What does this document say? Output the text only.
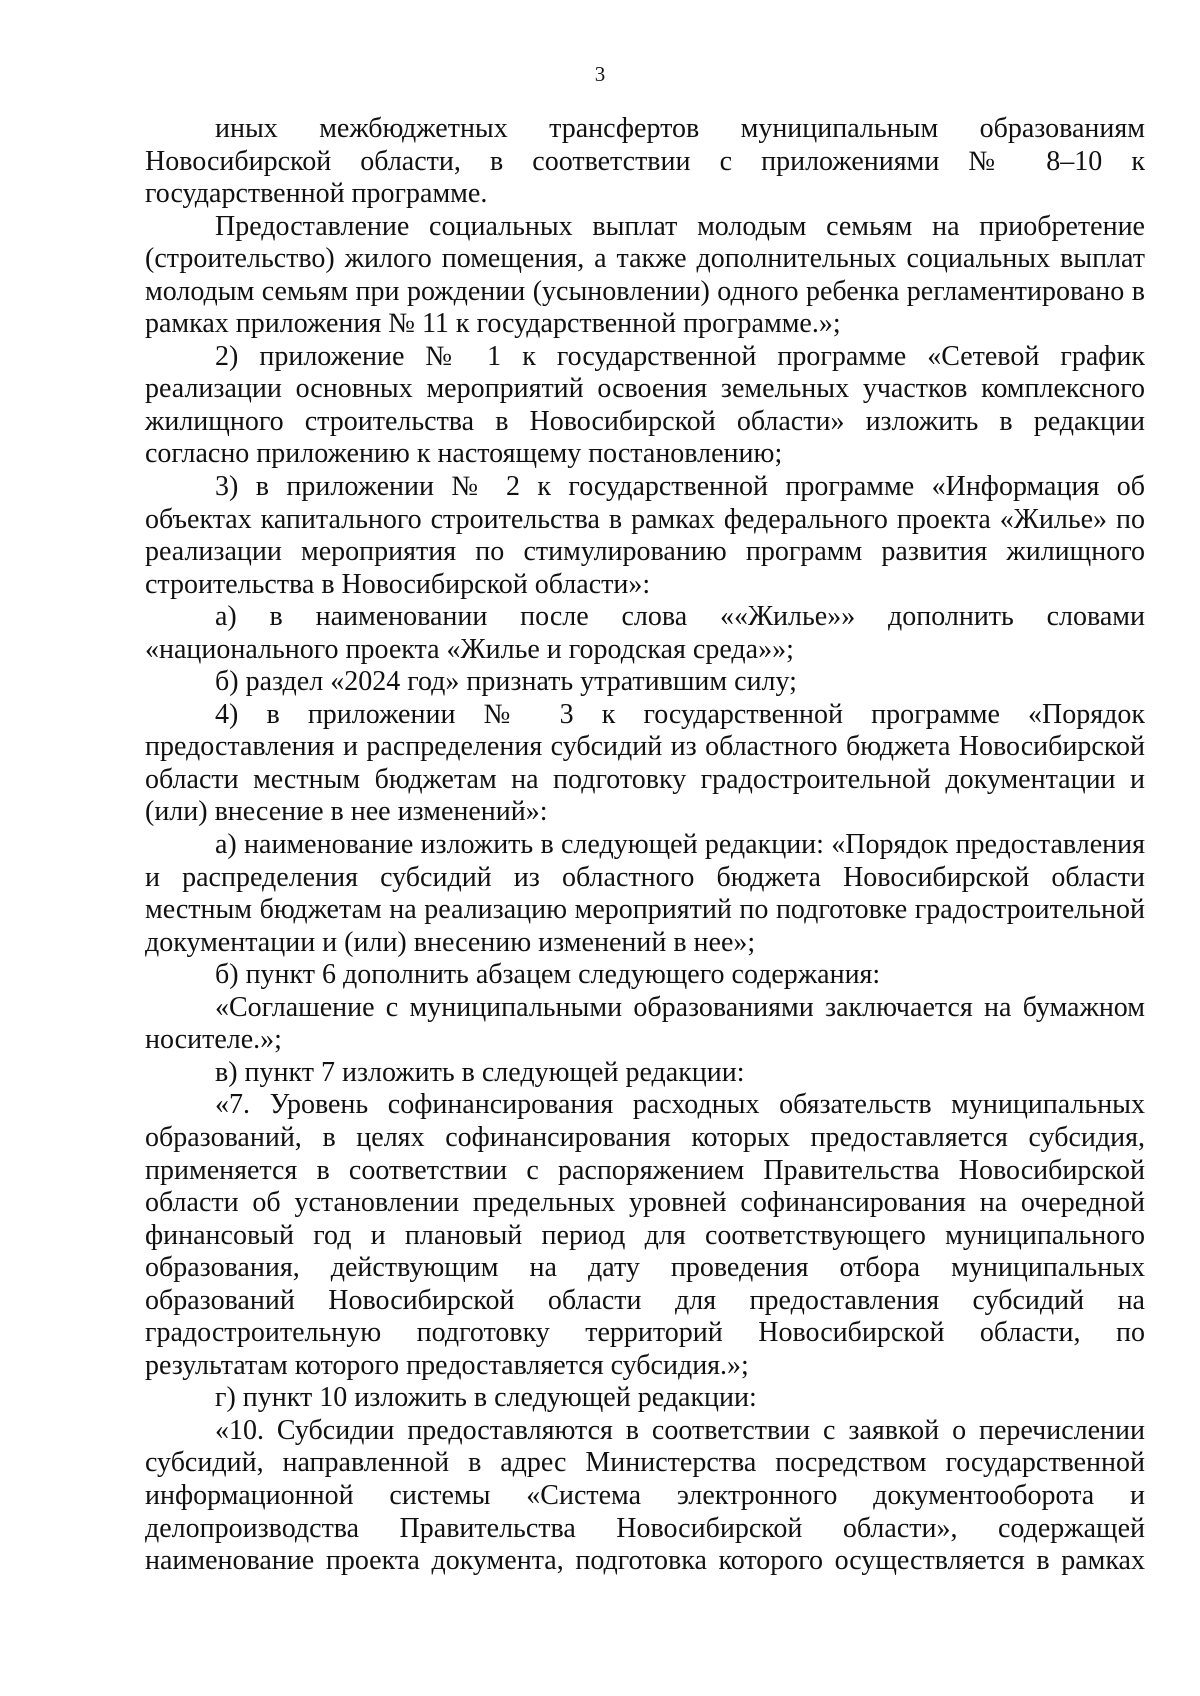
3

иных межбюджетных трансфертов муниципальным образованиям Новосибирской области, в соответствии с приложениями № 8–10 к государственной программе.

Предоставление социальных выплат молодым семьям на приобретение (строительство) жилого помещения, а также дополнительных социальных выплат молодым семьям при рождении (усыновлении) одного ребенка регламентировано в рамках приложения № 11 к государственной программе.»;

2) приложение № 1 к государственной программе «Сетевой график реализации основных мероприятий освоения земельных участков комплексного жилищного строительства в Новосибирской области» изложить в редакции согласно приложению к настоящему постановлению;

3) в приложении № 2 к государственной программе «Информация об объектах капитального строительства в рамках федерального проекта «Жилье» по реализации мероприятия по стимулированию программ развития жилищного строительства в Новосибирской области»:

а) в наименовании после слова ««Жилье»» дополнить словами «национального проекта «Жилье и городская среда»»;

б) раздел «2024 год» признать утратившим силу;

4) в приложении № 3 к государственной программе «Порядок предоставления и распределения субсидий из областного бюджета Новосибирской области местным бюджетам на подготовку градостроительной документации и (или) внесение в нее изменений»:

а) наименование изложить в следующей редакции: «Порядок предоставления и распределения субсидий из областного бюджета Новосибирской области местным бюджетам на реализацию мероприятий по подготовке градостроительной документации и (или) внесению изменений в нее»;

б) пункт 6 дополнить абзацем следующего содержания:

«Соглашение с муниципальными образованиями заключается на бумажном носителе.»;

в) пункт 7 изложить в следующей редакции:

«7. Уровень софинансирования расходных обязательств муниципальных образований, в целях софинансирования которых предоставляется субсидия, применяется в соответствии с распоряжением Правительства Новосибирской области об установлении предельных уровней софинансирования на очередной финансовый год и плановый период для соответствующего муниципального образования, действующим на дату проведения отбора муниципальных образований Новосибирской области для предоставления субсидий на градостроительную подготовку территорий Новосибирской области, по результатам которого предоставляется субсидия.»;

г) пункт 10 изложить в следующей редакции:

«10. Субсидии предоставляются в соответствии с заявкой о перечислении субсидий, направленной в адрес Министерства посредством государственной информационной системы «Система электронного документооборота и делопроизводства Правительства Новосибирской области», содержащей наименование проекта документа, подготовка которого осуществляется в рамках
